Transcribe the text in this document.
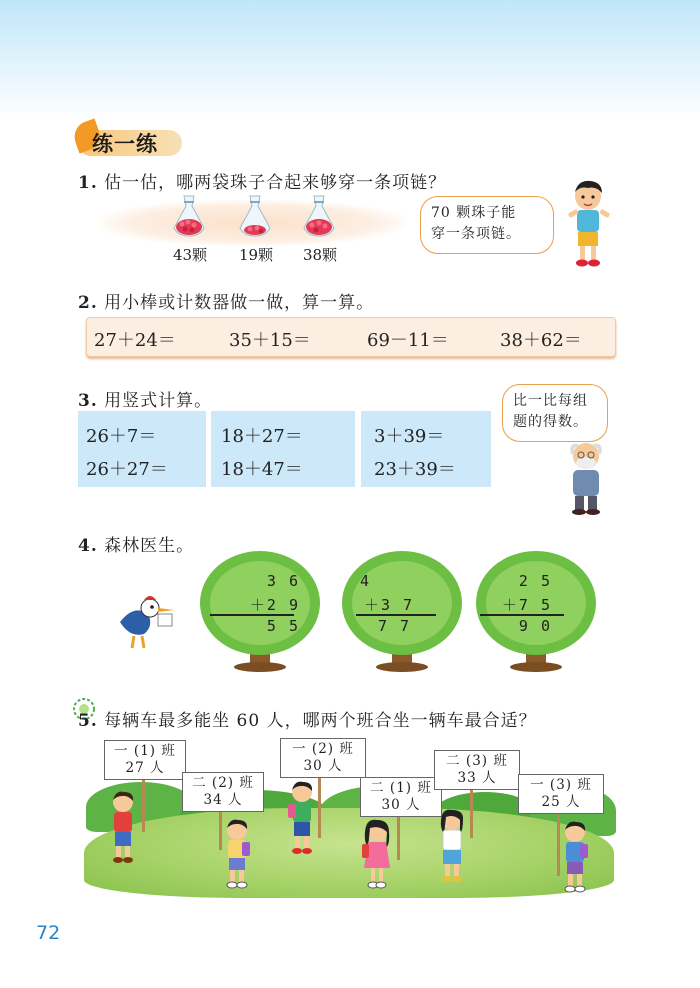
练一练
1. 估一估，哪两袋珠子合起来够穿一条项链？
43颗	19颗	38颗
70 颗珠子能
穿一条项链。
2. 用小棒或计数器做一做，算一算。
27＋24＝	35＋15＝	69－11＝	38＋62＝
3. 用竖式计算。
26＋7＝
26＋27＝
18＋27＝
18＋47＝
3＋39＝
23＋39＝
比一比每组
题的得数。
4. 森林医生。
3 6
＋2 9
5 5
4
＋3 7
7 7
2 5
＋7 5
9 0
5. 每辆车最多能坐 60 人，哪两个班合坐一辆车最合适？
一 (1) 班
27 人
二 (2) 班
34 人
一 (2) 班
30 人
二 (1) 班
30 人
二 (3) 班
33 人	一 (3) 班
25 人
72
